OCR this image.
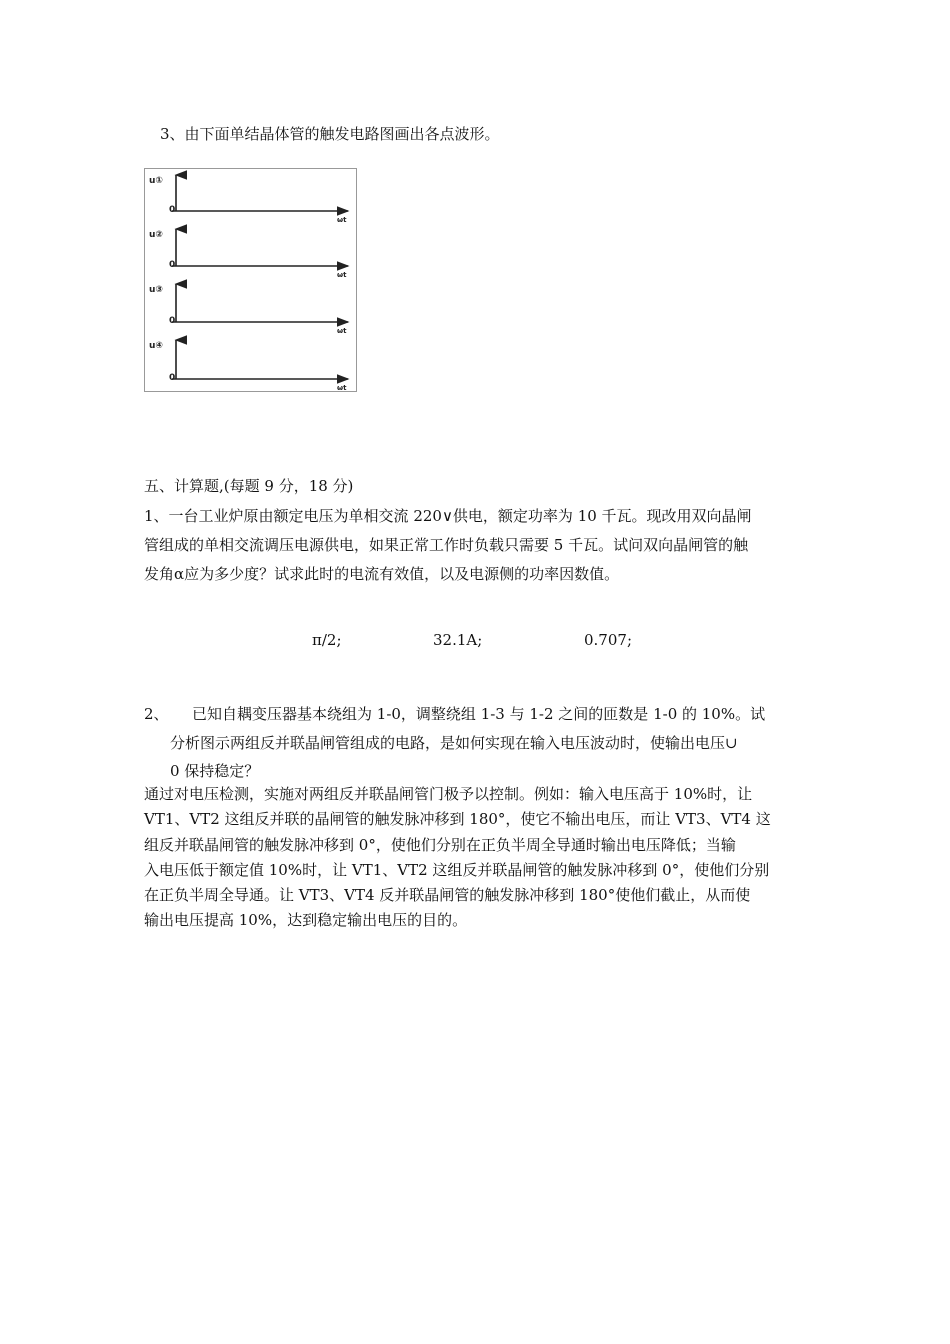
3、由下面单结晶体管的触发电路图画出各点波形。
u①
0
ωt
u②
0
ωt
u③
0
ωt
u④
0
ωt
五、计算题,(每题 9 分，18 分)
1、一台工业炉原由额定电压为单相交流 220∨供电，额定功率为 10 千瓦。现改用双向晶闸
管组成的单相交流调压电源供电，如果正常工作时负载只需要 5 千瓦。试问双向晶闸管的触
发角α应为多少度？试求此时的电流有效值，以及电源侧的功率因数值。
π/2;	32.1A;	0.707;
2、 已知自耦变压器基本绕组为 1-0，调整绕组 1-3 与 1-2 之间的匝数是 1-0 的 10%。试
分析图示两组反并联晶闸管组成的电路，是如何实现在输入电压波动时，使输出电压∪
0 保持稳定？
通过对电压检测，实施对两组反并联晶闸管门极予以控制。例如：输入电压高于 10%时，让
VT1、VT2 这组反并联的晶闸管的触发脉冲移到 180°，使它不输出电压，而让 VT3、VT4 这
组反并联晶闸管的触发脉冲移到 0°，使他们分别在正负半周全导通时输出电压降低；当输
入电压低于额定值 10%时，让 VT1、VT2 这组反并联晶闸管的触发脉冲移到 0°，使他们分别
在正负半周全导通。让 VT3、VT4 反并联晶闸管的触发脉冲移到 180°使他们截止，从而使
输出电压提高 10%，达到稳定输出电压的目的。
